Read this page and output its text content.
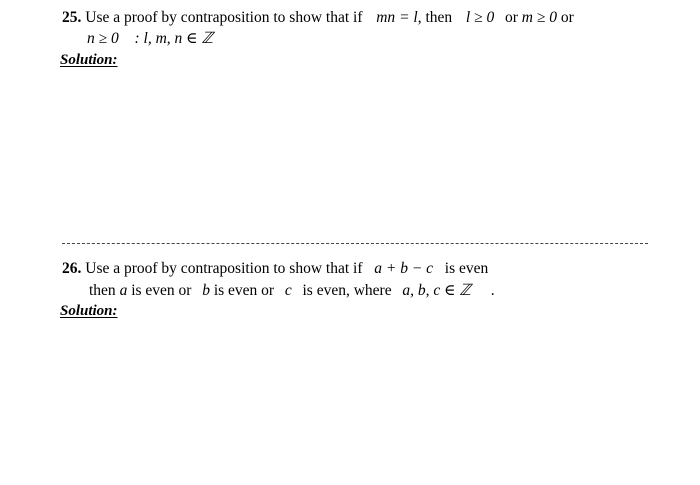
25. Use a proof by contraposition to show that if mn = l, then l ≥ 0 or m ≥ 0 or
n ≥ 0 : l, m, n ∈ ℤ
Solution:
26. Use a proof by contraposition to show that if a + b − c is even
then a is even or b is even or c is even, where a, b, c ∈ ℤ .
Solution:
